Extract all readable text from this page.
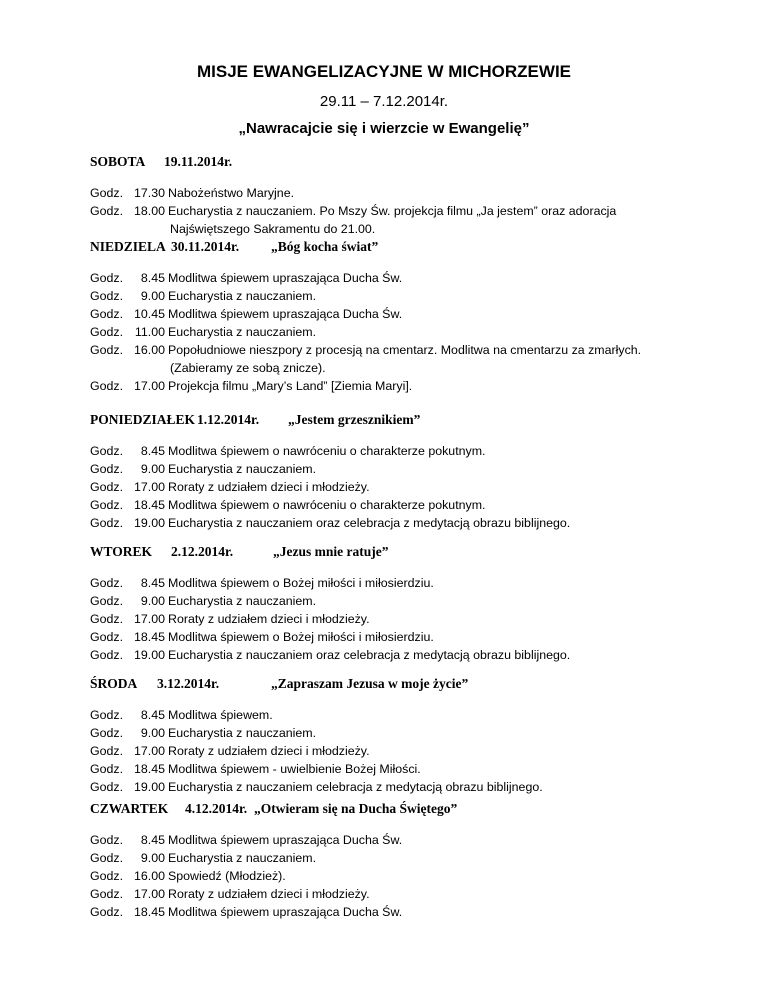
MISJE EWANGELIZACYJNE W MICHORZEWIE
29.11 – 7.12.2014r.
„Nawracajcie się i wierzcie w Ewangelię”
SOBOTA 19.11.2014r.
Godz. 17.30 Nabożeństwo Maryjne.
Godz. 18.00 Eucharystia z nauczaniem. Po Mszy Św. projekcja filmu „Ja jestem” oraz adoracja
Najświętszego Sakramentu do 21.00.
NIEDZIELA 30.11.2014r. „Bóg kocha świat”
Godz.	8.45 Modlitwa śpiewem upraszająca Ducha Św.
Godz.	9.00 Eucharystia z nauczaniem.
Godz. 10.45 Modlitwa śpiewem upraszająca Ducha Św.
Godz. 11.00 Eucharystia z nauczaniem.
Godz. 16.00 Popołudniowe nieszpory z procesją na cmentarz. Modlitwa na cmentarzu za zmarłych.
(Zabieramy ze sobą znicze).
Godz. 17.00 Projekcja filmu „Mary’s Land” [Ziemia Maryi].
PONIEDZIAŁEK 1.12.2014r. „Jestem grzesznikiem”
Godz.	8.45 Modlitwa śpiewem o nawróceniu o charakterze pokutnym.
Godz.	9.00 Eucharystia z nauczaniem.
Godz. 17.00 Roraty z udziałem dzieci i młodzieży.
Godz. 18.45 Modlitwa śpiewem o nawróceniu o charakterze pokutnym.
Godz. 19.00 Eucharystia z nauczaniem oraz celebracja z medytacją obrazu biblijnego.
WTOREK 2.12.2014r.	„Jezus mnie ratuje”
Godz.	8.45 Modlitwa śpiewem o Bożej miłości i miłosierdziu.
Godz.	9.00 Eucharystia z nauczaniem.
Godz. 17.00 Roraty z udziałem dzieci i młodzieży.
Godz. 18.45 Modlitwa śpiewem o Bożej miłości i miłosierdziu.
Godz. 19.00 Eucharystia z nauczaniem oraz celebracja z medytacją obrazu biblijnego.
ŚRODA 3.12.2014r.	„Zapraszam Jezusa w moje życie”
Godz.	8.45 Modlitwa śpiewem.
Godz.	9.00 Eucharystia z nauczaniem.
Godz. 17.00 Roraty z udziałem dzieci i młodzieży.
Godz. 18.45 Modlitwa śpiewem - uwielbienie Bożej Miłości.
Godz. 19.00 Eucharystia z nauczaniem celebracja z medytacją obrazu biblijnego.
CZWARTEK 4.12.2014r. „Otwieram się na Ducha Świętego”
Godz.	8.45 Modlitwa śpiewem upraszająca Ducha Św.
Godz.	9.00 Eucharystia z nauczaniem.
Godz. 16.00 Spowiedź (Młodzież).
Godz. 17.00 Roraty z udziałem dzieci i młodzieży.
Godz. 18.45 Modlitwa śpiewem upraszająca Ducha Św.
